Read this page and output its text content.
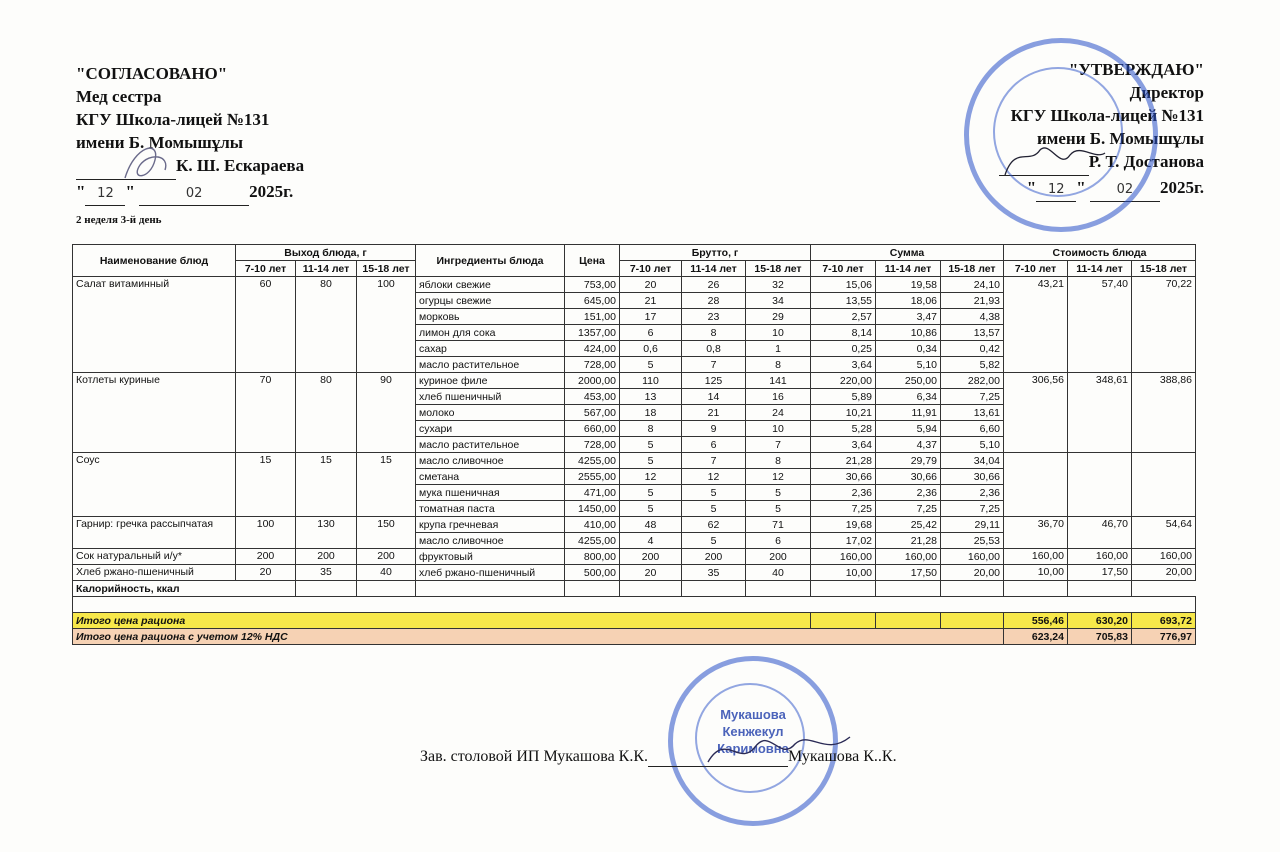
"СОГЛАСОВАНО"
Мед сестра
КГУ Школа-лицей №131
имени Б. Момышұлы
К. Ш. Ескараева
" 12 "	02	2025г.
"УТВЕРЖДАЮ"
Директор
КГУ Школа-лицей №131
имени Б. Момышұлы
Р. Т. Достанова
" 12 " 02 2025г.
2 неделя 3-й день
Наименование блюд	Выход блюда, г			Ингредиенты блюда	Цена	Брутто, г			Сумма			Стоимость блюда		
	7-10 лет	11-14 лет	15-18 лет			7-10 лет	11-14 лет	15-18 лет	7-10 лет	11-14 лет	15-18 лет	7-10 лет	11-14 лет	15-18 лет
Салат витаминный	60	80	100	яблоки свежие	753,00	20	26	32	15,06	19,58	24,10	43,21	57,40	70,22
				огурцы свежие	645,00	21	28	34	13,55	18,06	21,93			
				морковь	151,00	17	23	29	2,57	3,47	4,38			
				лимон для сока	1357,00	6	8	10	8,14	10,86	13,57			
				сахар	424,00	0,6	0,8	1	0,25	0,34	0,42			
				масло растительное	728,00	5	7	8	3,64	5,10	5,82			
Котлеты куриные	70	80	90	куриное филе	2000,00	110	125	141	220,00	250,00	282,00	306,56	348,61	388,86
				хлеб пшеничный	453,00	13	14	16	5,89	6,34	7,25			
				молоко	567,00	18	21	24	10,21	11,91	13,61			
				сухари	660,00	8	9	10	5,28	5,94	6,60			
				масло растительное	728,00	5	6	7	3,64	4,37	5,10			
Соус	15	15	15	масло сливочное	4255,00	5	7	8	21,28	29,79	34,04			
				сметана	2555,00	12	12	12	30,66	30,66	30,66			
				мука пшеничная	471,00	5	5	5	2,36	2,36	2,36			
				томатная паста	1450,00	5	5	5	7,25	7,25	7,25			
Гарнир: гречка рассыпчатая	100	130	150	крупа гречневая	410,00	48	62	71	19,68	25,42	29,11	36,70	46,70	54,64
				масло сливочное	4255,00	4	5	6	17,02	21,28	25,53			
Сок натуральный и/у*	200	200	200	фруктовый	800,00	200	200	200	160,00	160,00	160,00	160,00	160,00	160,00
Хлеб ржано-пшеничный	20	35	40	хлеб ржано-пшеничный	500,00	20	35	40	10,00	17,50	20,00	10,00	17,50	20,00
Калорийность, ккал														

Итого цена рациона												556,46	630,20	693,72
Итого цена рациона с учетом 12% НДС												623,24	705,83	776,97
Мукашова
Кенжекул
Каримовна
Зав. столовой ИП Мукашова К.К.	Мукашова К..К.
